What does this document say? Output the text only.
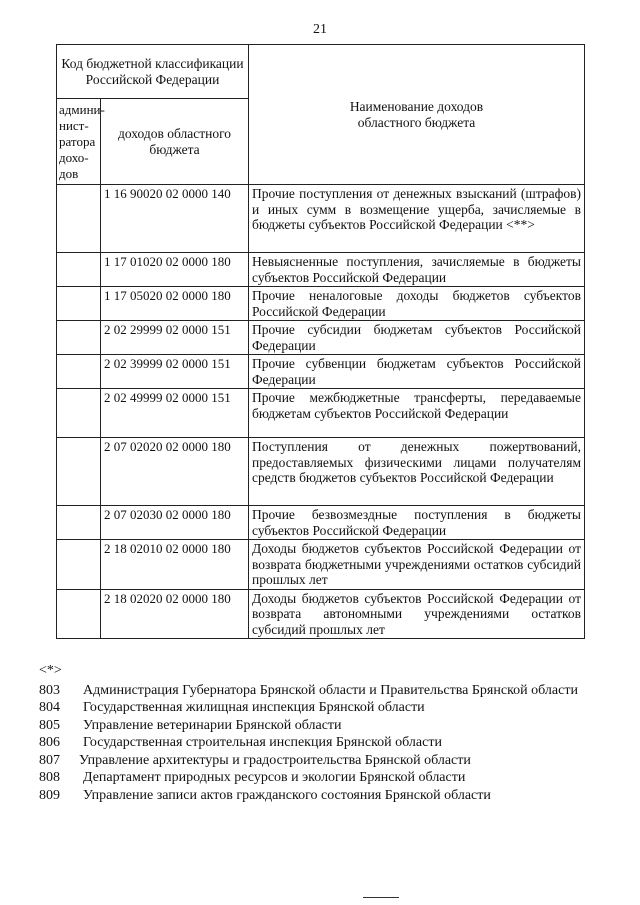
21
Код бюджетной классификации Российской Федерации		Наименование доходов областного бюджета

админи-
нист-
ратора
дохо-
дов	доходов областного бюджета	

	1 16 90020 02 0000 140	Прочие поступления от денежных взысканий (штрафов) и иных сумм в возмещение ущерба, зачисляемые в бюджеты субъектов Российской Федерации <**>
	1 17 01020 02 0000 180	Невыясненные поступления, зачисляемые в бюджеты субъектов Российской Федерации
	1 17 05020 02 0000 180	Прочие неналоговые доходы бюджетов субъектов Российской Федерации
	2 02 29999 02 0000 151	Прочие субсидии бюджетам субъектов Российской Федерации
	2 02 39999 02 0000 151	Прочие субвенции бюджетам субъектов Российской Федерации
	2 02 49999 02 0000 151	Прочие межбюджетные трансферты, передаваемые бюджетам субъектов Российской Федерации
	2 07 02020 02 0000 180	Поступления от денежных пожертвований, предоставляемых физическими лицами получателям средств бюджетов субъектов Российской Федерации
	2 07 02030 02 0000 180	Прочие безвозмездные поступления в бюджеты субъектов Российской Федерации
	2 18 02010 02 0000 180	Доходы бюджетов субъектов Российской Федерации от возврата бюджетными учреждениями остатков субсидий прошлых лет
	2 18 02020 02 0000 180	Доходы бюджетов субъектов Российской Федерации от возврата автономными учреждениями остатков субсидий прошлых лет
<*>
803	Администрация Губернатора Брянской области и Правительства Брянской области
804	Государственная жилищная инспекция Брянской области
805	Управление ветеринарии Брянской области
806	Государственная строительная инспекция Брянской области
807	Управление архитектуры и градостроительства Брянской области
808	Департамент природных ресурсов и экологии Брянской области
809	Управление записи актов гражданского состояния Брянской области
